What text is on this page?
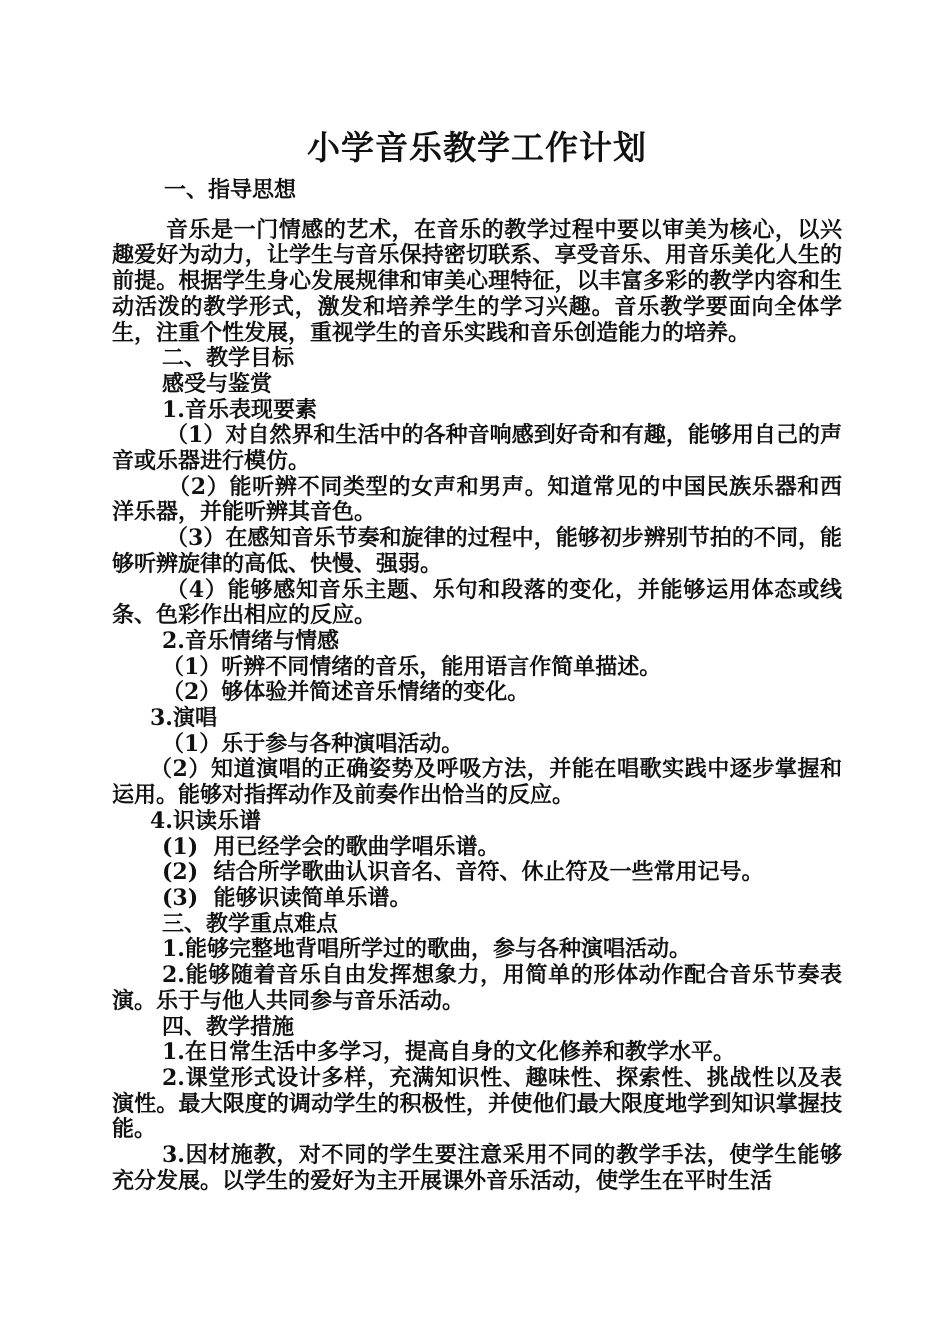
小学音乐教学工作计划

一、指导思想

音乐是一门情感的艺术，在音乐的教学过程中要以审美为核心，以兴趣爱好为动力，让学生与音乐保持密切联系、享受音乐、用音乐美化人生的前提。根据学生身心发展规律和审美心理特征，以丰富多彩的教学内容和生动活泼的教学形式，激发和培养学生的学习兴趣。音乐教学要面向全体学生，注重个性发展，重视学生的音乐实践和音乐创造能力的培养。

二、教学目标

感受与鉴赏

1.音乐表现要素

（1）对自然界和生活中的各种音响感到好奇和有趣，能够用自己的声音或乐器进行模仿。

（2）能听辨不同类型的女声和男声。知道常见的中国民族乐器和西洋乐器，并能听辨其音色。

（3）在感知音乐节奏和旋律的过程中，能够初步辨别节拍的不同，能够听辨旋律的高低、快慢、强弱。

（4）能够感知音乐主题、乐句和段落的变化，并能够运用体态或线条、色彩作出相应的反应。

2.音乐情绪与情感

（1）听辨不同情绪的音乐，能用语言作简单描述。

（2）够体验并简述音乐情绪的变化。

3.演唱

（1）乐于参与各种演唱活动。

（2）知道演唱的正确姿势及呼吸方法，并能在唱歌实践中逐步掌握和运用。能够对指挥动作及前奏作出恰当的反应。

4.识读乐谱

(1)  用已经学会的歌曲学唱乐谱。

(2)  结合所学歌曲认识音名、音符、休止符及一些常用记号。

(3)  能够识读简单乐谱。

三、教学重点难点

1.能够完整地背唱所学过的歌曲，参与各种演唱活动。

2.能够随着音乐自由发挥想象力，用简单的形体动作配合音乐节奏表演。乐于与他人共同参与音乐活动。

四、教学措施

1.在日常生活中多学习，提高自身的文化修养和教学水平。

2.课堂形式设计多样，充满知识性、趣味性、探索性、挑战性以及表演性。最大限度的调动学生的积极性，并使他们最大限度地学到知识掌握技能。

3.因材施教，对不同的学生要注意采用不同的教学手法，使学生能够充分发展。以学生的爱好为主开展课外音乐活动，使学生在平时生活
